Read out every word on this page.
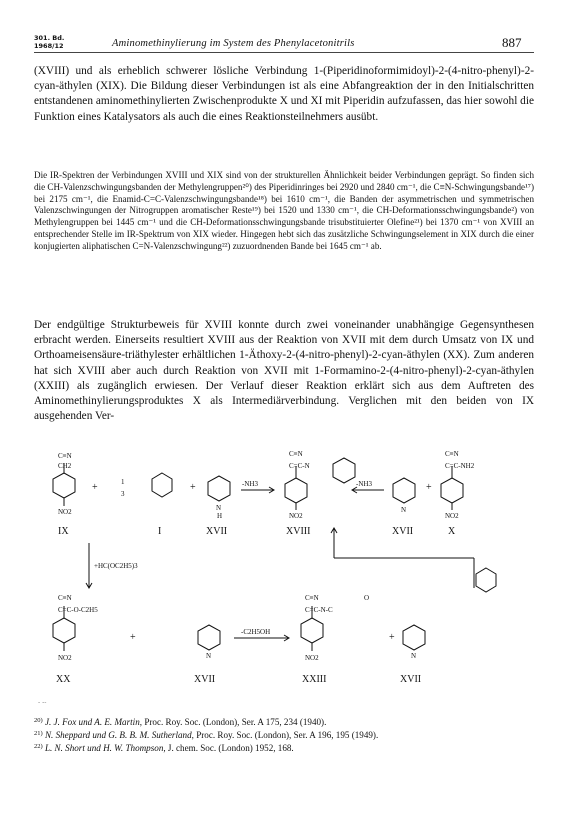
301. Bd.
1968/12	Aminomethinylierung im System des Phenylacetonitrils	887
(XVIII) und als erheblich schwerer lösliche Verbindung 1-(Piperidinoformimidoyl)-2-(4-nitro-phenyl)-2-cyan-äthylen (XIX). Die Bildung dieser Verbindungen ist als eine Abfangreaktion der in den Initialschritten entstandenen aminomethinylierten Zwischenprodukte X und XI mit Piperidin aufzufassen, das hier sowohl die Funktion eines Katalysators als auch die eines Reaktionsteilnehmers ausübt.
Die IR-Spektren der Verbindungen XVIII und XIX sind von der strukturellen Ähnlichkeit beider Verbindungen geprägt. So finden sich die CH-Valenzschwingungsbanden der Methylengruppen²⁰) des Piperidinringes bei 2920 und 2840 cm⁻¹, die C≡N-Schwingungsbande¹⁷) bei 2175 cm⁻¹, die Enamid-C=C-Valenzschwingungsbande¹⁸) bei 1610 cm⁻¹, die Banden der asymmetrischen und symmetrischen Valenzschwingungen der Nitrogruppen aromatischer Reste¹⁹) bei 1520 und 1330 cm⁻¹, die CH-Deformationsschwingungsbande²) von Methylengruppen bei 1445 cm⁻¹ und die CH-Deformationsschwingungsbande trisubstituierter Olefine²¹) bei 1370 cm⁻¹ von XVIII an entsprechender Stelle im IR-Spektrum von XIX wieder. Hingegen hebt sich das zusätzliche Schwingungselement in XIX durch die einer konjugierten aliphatischen C=N-Valenzschwingung²²) zuzuordnenden Bande bei 1645 cm⁻¹ ab.
Der endgültige Strukturbeweis für XVIII konnte durch zwei voneinander unabhängige Gegensynthesen erbracht werden. Einerseits resultiert XVIII aus der Reaktion von XVII mit dem durch Umsatz von IX und Orthoameisensäure-triäthylester erhältlichen 1-Äthoxy-2-(4-nitro-phenyl)-2-cyan-äthylen (XX). Zum anderen hat sich XVIII aber auch durch Reaktion von XVII mit 1-Formamino-2-(4-nitro-phenyl)-2-cyan-äthylen (XXIII) als zugänglich erwiesen. Der Verlauf dieser Reaktion erklärt sich aus dem Auftreten des Aminomethinylierungsproduktes X als Intermediärverbindung. Verglichen mit den beiden von IX ausgehenden Ver-
C≡N
CH2
NO2
IX
+	1
3
+
I
N
H
XVII
-NH3
C≡N
C=C-N
NO2
XVIII
-NH3	+
N
XVII
C≡N
C=C-NH2
NO2
X
+HC(OC2H5)3
C≡N
C=C-O-C2H5
NO2
+
XX
N
XVII
-C2H5OH
C≡N
C=C-N-C
O
NO2
+
XXIII
N
XVII
- --
$^{20)}$ J. J. Fox und A. E. Martin, Proc. Roy. Soc. (London), Ser. A 175, 234 (1940).
$^{21)}$ N. Sheppard und G. B. B. M. Sutherland, Proc. Roy. Soc. (London), Ser. A 196, 195 (1949).
$^{22)}$ L. N. Short und H. W. Thompson, J. chem. Soc. (London) 1952, 168.
